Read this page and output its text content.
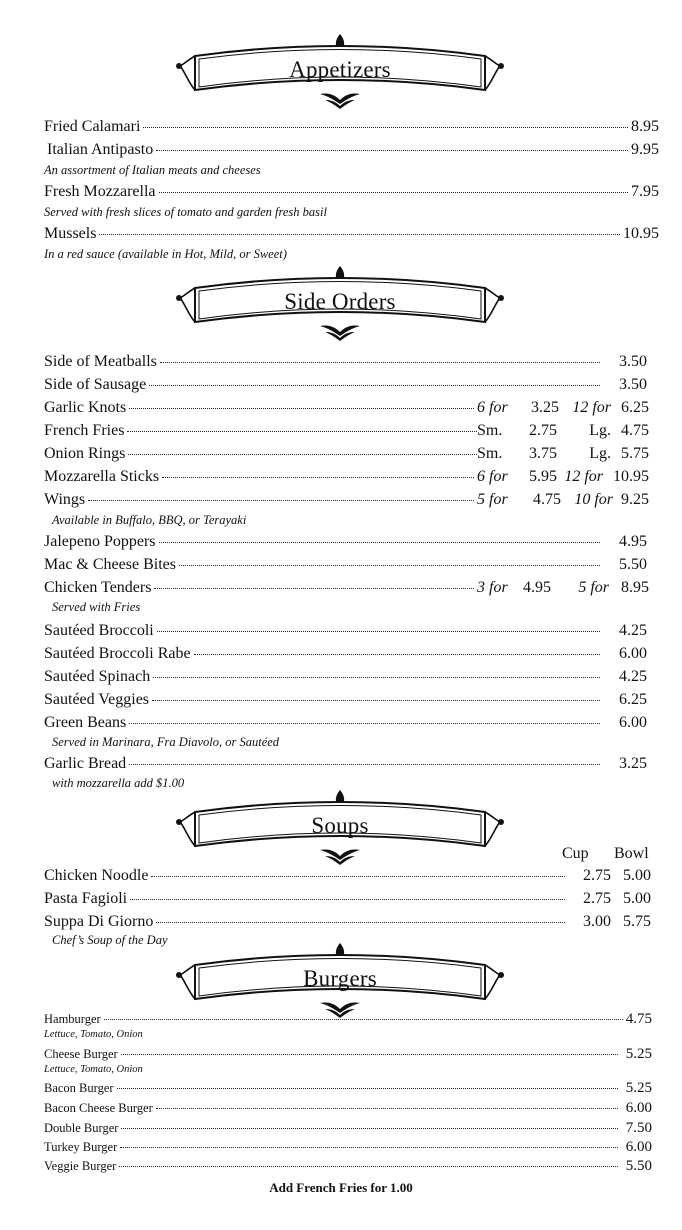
Appetizers
Fried Calamari	8.95
Italian Antipasto	9.95
An assortment of Italian meats and cheeses
Fresh Mozzarella	7.95
Served with fresh slices of tomato and garden fresh basil
Mussels	10.95
In a red sauce (available in Hot, Mild, or Sweet)
Side Orders
Side of Meatballs	3.50
Side of Sausage	3.50
Garlic Knots	6 for	3.25 12 for 6.25
French Fries	Sm.	2.75	Lg. 4.75
Onion Rings	Sm.	3.75	Lg. 5.75
Mozzarella Sticks	6 for	5.95 12 for 10.95
Wings	5 for	4.75 10 for 9.25
Available in Buffalo, BBQ, or Terayaki
Jalepeno Poppers	4.95
Mac & Cheese Bites	5.50
Chicken Tenders	3 for 4.95	5 for 8.95
Served with Fries
Sautéed Broccoli	4.25
Sautéed Broccoli Rabe	6.00
Sautéed Spinach	4.25
Sautéed Veggies	6.25
Green Beans	6.00
Served in Marinara, Fra Diavolo, or Sautéed
Garlic Bread	3.25
with mozzarella add $1.00
Soups
Cup Bowl
Chicken Noodle	2.75 5.00
Pasta Fagioli	2.75 5.00
Suppa Di Giorno	3.00 5.75
Chef’s Soup of the Day
Burgers
Hamburger	4.75
Lettuce, Tomato, Onion
Cheese Burger	5.25
Lettuce, Tomato, Onion
Bacon Burger	5.25
Bacon Cheese Burger	6.00
Double Burger	7.50
Turkey Burger	6.00
Veggie Burger	5.50
Add French Fries for 1.00
